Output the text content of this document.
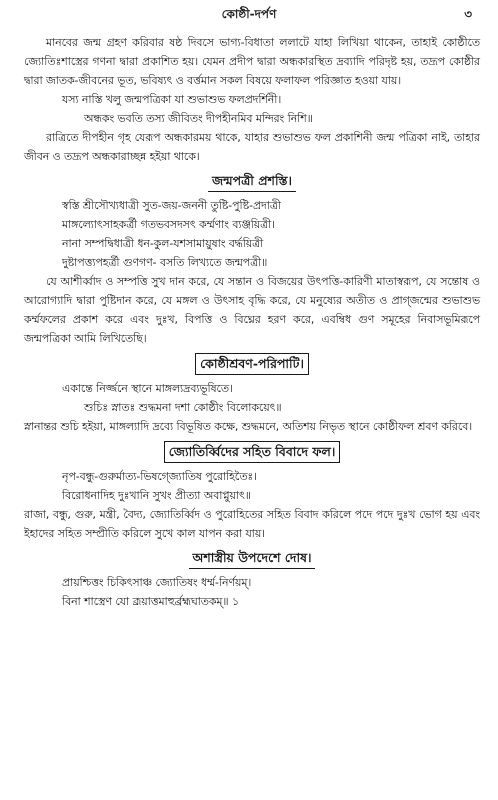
কোষ্ঠী-দর্পণ	৩

মানবের জন্ম গ্রহণ করিবার ষষ্ঠ দিবসে ভাগ্য-বিধাতা ললাটে যাহা লিখিয়া থাকেন, তাহাই কোষ্ঠীতে জ্যোতিঃশাস্ত্রের গণনা দ্বারা প্রকাশিত হয়। যেমন প্রদীপ দ্বারা অন্ধকারস্থিত দ্রব্যাদি পরিদৃষ্ট হয়, তদ্রূপ কোষ্ঠীর দ্বারা জাতক-জীবনের ভূত, ভবিষ্যৎ ও বর্ত্তমান সকল বিষয়ে ফলাফল পরিজ্ঞাত হওয়া যায়।

যস্য নাস্তি খলু জন্মপত্রিকা যা শুভাশুভ ফলপ্রদর্শিনী।

অন্ধকং ভবতি তস্য জীবিতং দীপহীনমিব মন্দিরং নিশি॥

রাত্রিতে দীপহীন গৃহ যেরূপ অন্ধকারময় থাকে, যাহার শুভাশুভ ফল প্রকাশিনী জন্ম পত্রিকা নাই, তাহার জীবন ও তদ্রূপ অন্ধকারাচ্ছন্ন হইয়া থাকে।

জন্মপত্রী প্রশস্তি।

স্বস্তি শ্রীসৌখ্যধাত্রী সুত-জয়-জননী তুষ্টি-পুষ্টি-প্রদাত্রী

মাঙ্গল্যোৎসাহকর্ত্রী গতভবসদসৎ কর্ম্মণাং ব্যঞ্জয়িত্রী।

নানা সম্পদ্বিধাত্রী ধন-কুল-যশসামায়ুষাং বর্দ্ধয়িত্রী

দুষ্টাপত্ত্যপহর্ত্রী গুণগণ- বসতি লিখ্যতে জন্মপত্রী॥

যে আশীর্ব্বাদ ও সম্পত্তি সুখ দান করে, যে সন্তান ও বিজয়ের উৎপত্তি-কারিণী মাতাস্বরূপ, যে সন্তোষ ও আরোগ্যাদি দ্বারা পুষ্টিদান করে, যে মঙ্গল ও উৎসাহ বৃদ্ধি করে, যে মনুষ্যের অতীত ও প্রাগ্জন্মের শুভাশুভ কর্ম্মফলের প্রকাশ করে এবং দুঃখ, বিপত্তি ও বিঘ্নের হরণ করে, এবম্বিধ গুণ সমূহের নিবাসভূমিরূপে জন্মপত্রিকা আমি লিখিতেছি।

কোষ্ঠীশ্রবণ-পরিপাটি।

একান্তে নির্জ্জনে স্থানে মাঙ্গল্যদ্রব্যভূষিতে।

শুচিঃ স্নাতঃ শুদ্ধমনা দশা কোষ্ঠীং বিলোকয়েৎ॥

স্নানান্তর শুচি হইয়া, মাঙ্গল্যাদি দ্রব্যে বিভূষিত কক্ষে, শুদ্ধমনে, অতিশয় নিভৃত স্থানে কোষ্ঠীফল শ্রবণ করিবে।

জ্যোতির্ব্বিদের সহিত বিবাদে ফল।

নৃপ-বন্ধু-গুরুর্মাত্য-ভিষগ্জ্যোতিষ পুরোহিতৈঃ।

বিরোধনাদিহ দুঃখানি সুখং প্রীত্যা অবাপ্নুয়াৎ॥

রাজা, বন্ধু, গুরু, মন্ত্রী, বৈদ্য, জ্যোতির্ব্বিদ ও পুরোহিতের সহিত বিবাদ করিলে পদে পদে দুঃখ ভোগ হয় এবং ইহাদের সহিত সম্প্রীতি করিলে সুখে কাল যাপন করা যায়।

অশাস্ত্রীয় উপদেশে দোষ।

প্রায়শ্চিত্তং চিকিৎসাঞ্চ জ্যোতিষং ধর্ম্ম-নির্ণয়ম্।

বিনা শাস্ত্রেণ যো ব্রূয়াত্তমাহুর্ব্রহ্মঘাতকম্॥ ১
